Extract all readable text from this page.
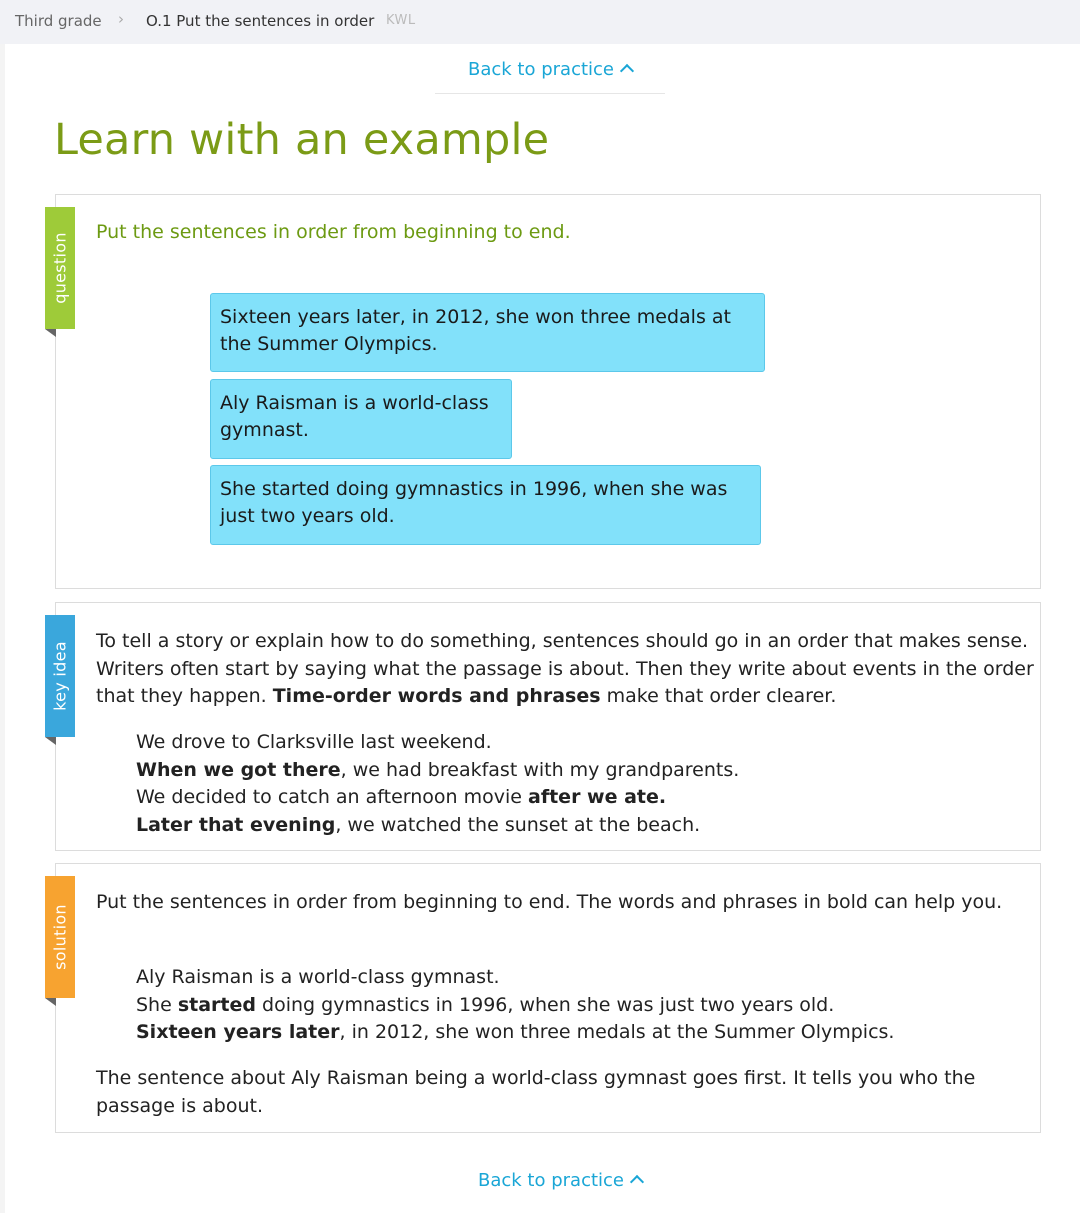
Third grade › O.1 Put the sentences in order KWL
Back to practice
Learn with an example
question

Put the sentences in order from beginning to end.

Sixteen years later, in 2012, she won three medals at the Summer Olympics.
Aly Raisman is a world-class gymnast.
She started doing gymnastics in 1996, when she was just two years old.
key idea

To tell a story or explain how to do something, sentences should go in an order that makes sense. Writers often start by saying what the passage is about. Then they write about events in the order that they happen. Time-order words and phrases make that order clearer.

We drove to Clarksville last weekend.
When we got there, we had breakfast with my grandparents.
We decided to catch an afternoon movie after we ate.
Later that evening, we watched the sunset at the beach.

solution

Put the sentences in order from beginning to end. The words and phrases in bold can help you.

Aly Raisman is a world-class gymnast.
She started doing gymnastics in 1996, when she was just two years old.
Sixteen years later, in 2012, she won three medals at the Summer Olympics.

The sentence about Aly Raisman being a world-class gymnast goes first. It tells you who the passage is about.

Back to practice
